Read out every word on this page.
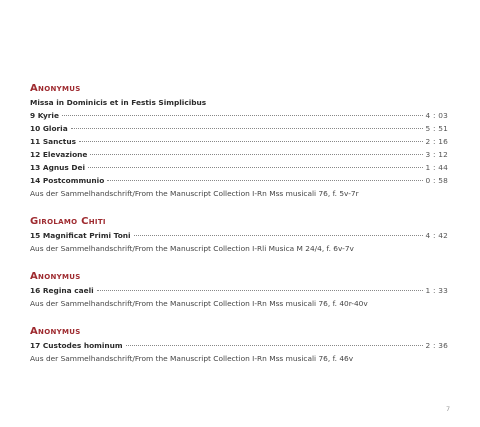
Anonymus
Missa in Dominicis et in Festis Simplicibus
9 Kyrie	4 : 03
10 Gloria	5 : 51
11 Sanctus	2 : 16
12 Elevazione	3 : 12
13 Agnus Dei	1 : 44
14 Postcommunio	0 : 58
Aus der Sammelhandschrift/From the Manuscript Collection I-Rn Mss musicali 76, f. 5v-7r
Girolamo Chiti
15 Magnificat Primi Toni	4 : 42
Aus der Sammelhandschrift/From the Manuscript Collection I-Rli Musica M 24/4, f. 6v-7v
Anonymus
16 Regina caeli	1 : 33
Aus der Sammelhandschrift/From the Manuscript Collection I-Rn Mss musicali 76, f. 40r-40v
Anonymus
17 Custodes hominum	2 : 36
Aus der Sammelhandschrift/From the Manuscript Collection I-Rn Mss musicali 76, f. 46v
7
